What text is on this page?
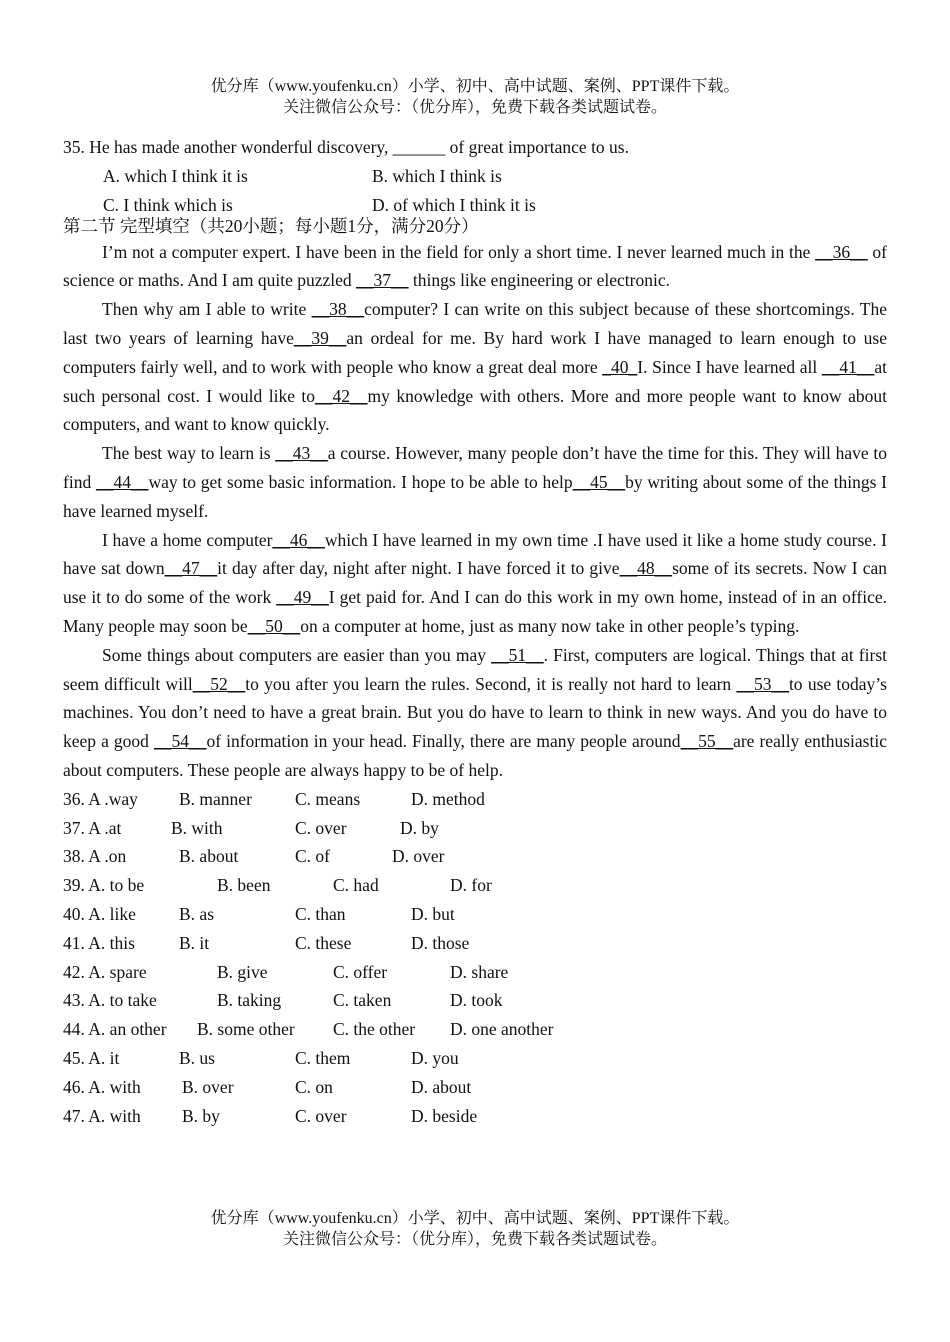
优分库（www.youfenku.cn）小学、初中、高中试题、案例、PPT课件下载。
关注微信公众号：（优分库），免费下载各类试题试卷。
35. He has made another wonderful discovery, ______ of great importance to us.
A. which I think it is	B. which I think is
C. I think which is	D. of which I think it is
第二节 完型填空（共20小题；每小题1分，满分20分）
I’m not a computer expert. I have been in the field for only a short time. I never learned much in the __36__ of science or maths. And I am quite puzzled __37__ things like engineering or electronic.
Then why am I able to write __38__computer? I can write on this subject because of these shortcomings. The last two years of learning have__39__an ordeal for me. By hard work I have managed to learn enough to use computers fairly well, and to work with people who know a great deal more _40_I. Since I have learned all __41__at such personal cost. I would like to__42__my knowledge with others. More and more people want to know about computers, and want to know quickly.
The best way to learn is __43__a course. However, many people don’t have the time for this. They will have to find __44__way to get some basic information. I hope to be able to help__45__by writing about some of the things I have learned myself.
I have a home computer__46__which I have learned in my own time .I have used it like a home study course. I have sat down__47__it day after day, night after night. I have forced it to give__48__some of its secrets. Now I can use it to do some of the work __49__I get paid for. And I can do this work in my own home, instead of in an office. Many people may soon be__50__on a computer at home, just as many now take in other people’s typing.
Some things about computers are easier than you may __51__. First, computers are logical. Things that at first seem difficult will__52__to you after you learn the rules. Second, it is really not hard to learn __53__to use today’s machines. You don’t need to have a great brain. But you do have to learn to think in new ways. And you do have to keep a good __54__of information in your head. Finally, there are many people around__55__are really enthusiastic about computers. These people are always happy to be of help.
36. A .way B. manner C. means	D. method
37. A .at	B. with	C. over	D. by
38. A .on	B. about	C. of	D. over
39. A. to be	B. been	C. had	D. for
40. A. like B. as	C. than	D. but
41. A. this	B. it	C. these	D. those
42. A. spare	B. give	C. offer	D. share
43. A. to take	B. taking	C. taken	D. took
44. A. an other B. some other C. the other D. one another
45. A. it	B. us	C. them	D. you
46. A. with B. over	C. on	D. about
47. A. with B. by	C. over	D. beside
优分库（www.youfenku.cn）小学、初中、高中试题、案例、PPT课件下载。
关注微信公众号：（优分库），免费下载各类试题试卷。
